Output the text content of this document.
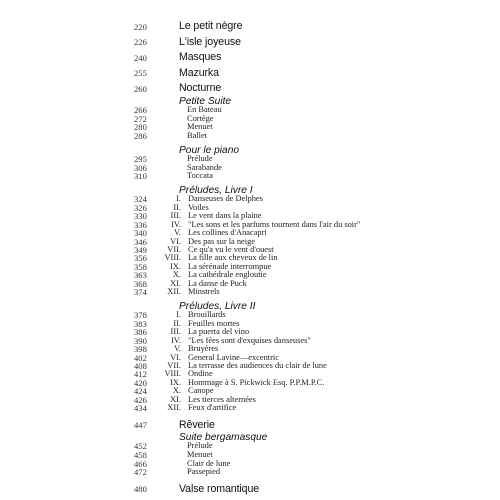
220	Le petit nègre
226	L'isle joyeuse
240	Masques
255	Mazurka
260	Nocturne
Petite Suite
266	En Bateau
272	Cortège
280	Menuet
286	Ballet
Pour le piano
295	Prélude
306	Sarabande
310	Toccata
Préludes, Livre I
324	I. Danseuses de Delphes
326	II. Voiles
330	III. Le vent dans la plaine
336	IV. "Les sons et les parfums tournent dans l'air du soir"
340	V. Les collines d'Anacapri
346	VI. Des pas sur la neige
349	VII. Ce qu'a vu le vent d'ouest
356	VIII. La fille aux cheveux de lin
358	IX. La sérénade interrompue
363	X. La cathédrale engloutie
368	XI. La danse de Puck
374	XII. Minstrels
Préludes, Livre II
378	I. Brouillards
383	II. Feuilles mortes
386	III. La puerta del vino
390	IV. "Les fées sont d'exquises danseuses"
398	V. Bruyères
402	VI. General Lavine—excentric
408	VII. La terrasse des audiences du clair de lune
412	VIII. Ondine
420	IX. Hommage à S. Pickwick Esq. P.P.M.P.C.
424	X. Canope
426	XI. Les tierces alternées
434	XII. Feux d'artifice
447	Rêverie
Suite bergamasque
452	Prélude
458	Menuet
466	Clair de lune
472	Passepied
480	Valse romantique
